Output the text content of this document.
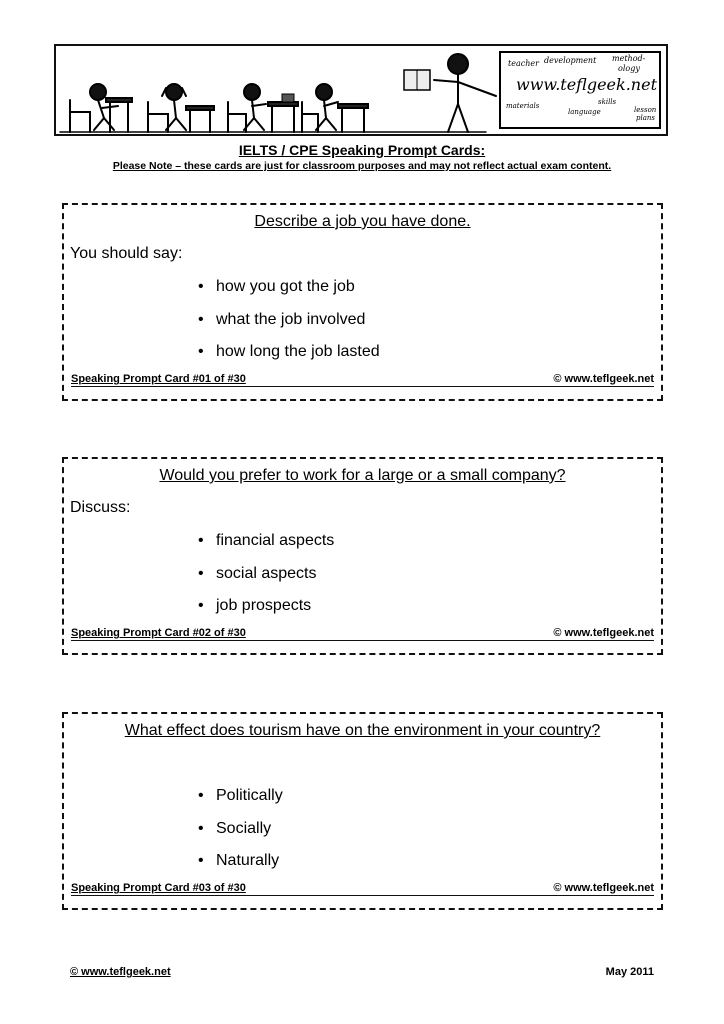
teacher development method-
ology
www.teflgeek.net
materials
language
skills
lesson
plans
IELTS / CPE Speaking Prompt Cards:
Please Note – these cards are just for classroom purposes and may not reflect actual exam content.
Describe a job you have done.
You should say:
• how you got the job
• what the job involved
• how long the job lasted
Speaking Prompt Card #01 of #30	© www.teflgeek.net
Would you prefer to work for a large or a small company?
Discuss:
• financial aspects
• social aspects
• job prospects
Speaking Prompt Card #02 of #30	© www.teflgeek.net
What effect does tourism have on the environment in your country?
• Politically
• Socially
• Naturally
Speaking Prompt Card #03 of #30	© www.teflgeek.net
© www.teflgeek.net	May 2011
